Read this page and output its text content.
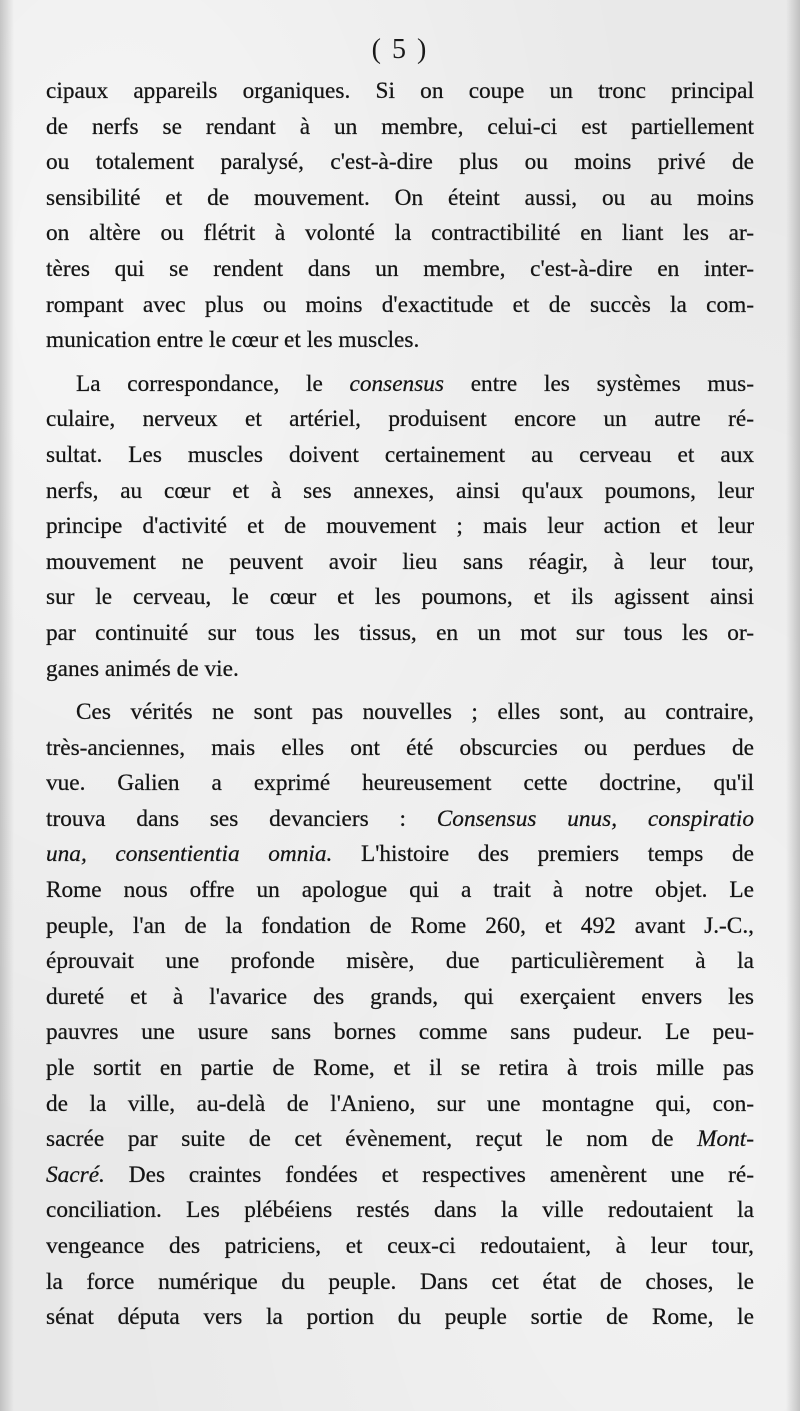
( 5 )
cipaux appareils organiques. Si on coupe un tronc principal
de nerfs se rendant à un membre, celui-ci est partiellement
ou totalement paralysé, c'est-à-dire plus ou moins privé de
sensibilité et de mouvement. On éteint aussi, ou au moins
on altère ou flétrit à volonté la contractibilité en liant les ar-
tères qui se rendent dans un membre, c'est-à-dire en inter-
rompant avec plus ou moins d'exactitude et de succès la com-
munication entre le cœur et les muscles.
La correspondance, le consensus entre les systèmes mus-
culaire, nerveux et artériel, produisent encore un autre ré-
sultat. Les muscles doivent certainement au cerveau et aux
nerfs, au cœur et à ses annexes, ainsi qu'aux poumons, leur
principe d'activité et de mouvement ; mais leur action et leur
mouvement ne peuvent avoir lieu sans réagir, à leur tour,
sur le cerveau, le cœur et les poumons, et ils agissent ainsi
par continuité sur tous les tissus, en un mot sur tous les or-
ganes animés de vie.
Ces vérités ne sont pas nouvelles ; elles sont, au contraire,
très-anciennes, mais elles ont été obscurcies ou perdues de
vue. Galien a exprimé heureusement cette doctrine, qu'il
trouva dans ses devanciers : Consensus unus, conspiratio
una, consentientia omnia. L'histoire des premiers temps de
Rome nous offre un apologue qui a trait à notre objet. Le
peuple, l'an de la fondation de Rome 260, et 492 avant J.-C.,
éprouvait une profonde misère, due particulièrement à la
dureté et à l'avarice des grands, qui exerçaient envers les
pauvres une usure sans bornes comme sans pudeur. Le peu-
ple sortit en partie de Rome, et il se retira à trois mille pas
de la ville, au-delà de l'Anieno, sur une montagne qui, con-
sacrée par suite de cet évènement, reçut le nom de Mont-
Sacré. Des craintes fondées et respectives amenèrent une ré-
conciliation. Les plébéiens restés dans la ville redoutaient la
vengeance des patriciens, et ceux-ci redoutaient, à leur tour,
la force numérique du peuple. Dans cet état de choses, le
sénat députa vers la portion du peuple sortie de Rome, le
